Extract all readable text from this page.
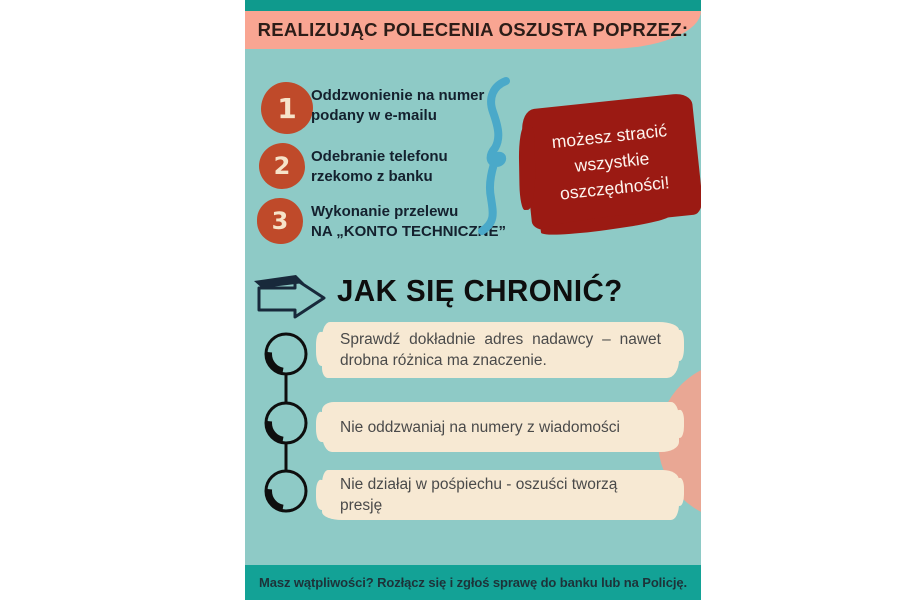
REALIZUJĄC POLECENIA OSZUSTA POPRZEZ:
1 Oddzwonienie na numer
podany w e-mailu
2 Odebranie telefonu
rzekomo z banku
3 Wykonanie przelewu
NA „KONTO TECHNICZNE”
możesz stracić
wszystkie
oszczędności!
JAK SIĘ CHRONIĆ?
Sprawdź dokładnie adres nadawcy – nawet
drobna różnica ma znaczenie.
Nie oddzwaniaj na numery z wiadomości
Nie działaj w pośpiechu - oszuści tworzą presję
Masz wątpliwości? Rozłącz się i zgłoś sprawę do banku lub na Policję.
